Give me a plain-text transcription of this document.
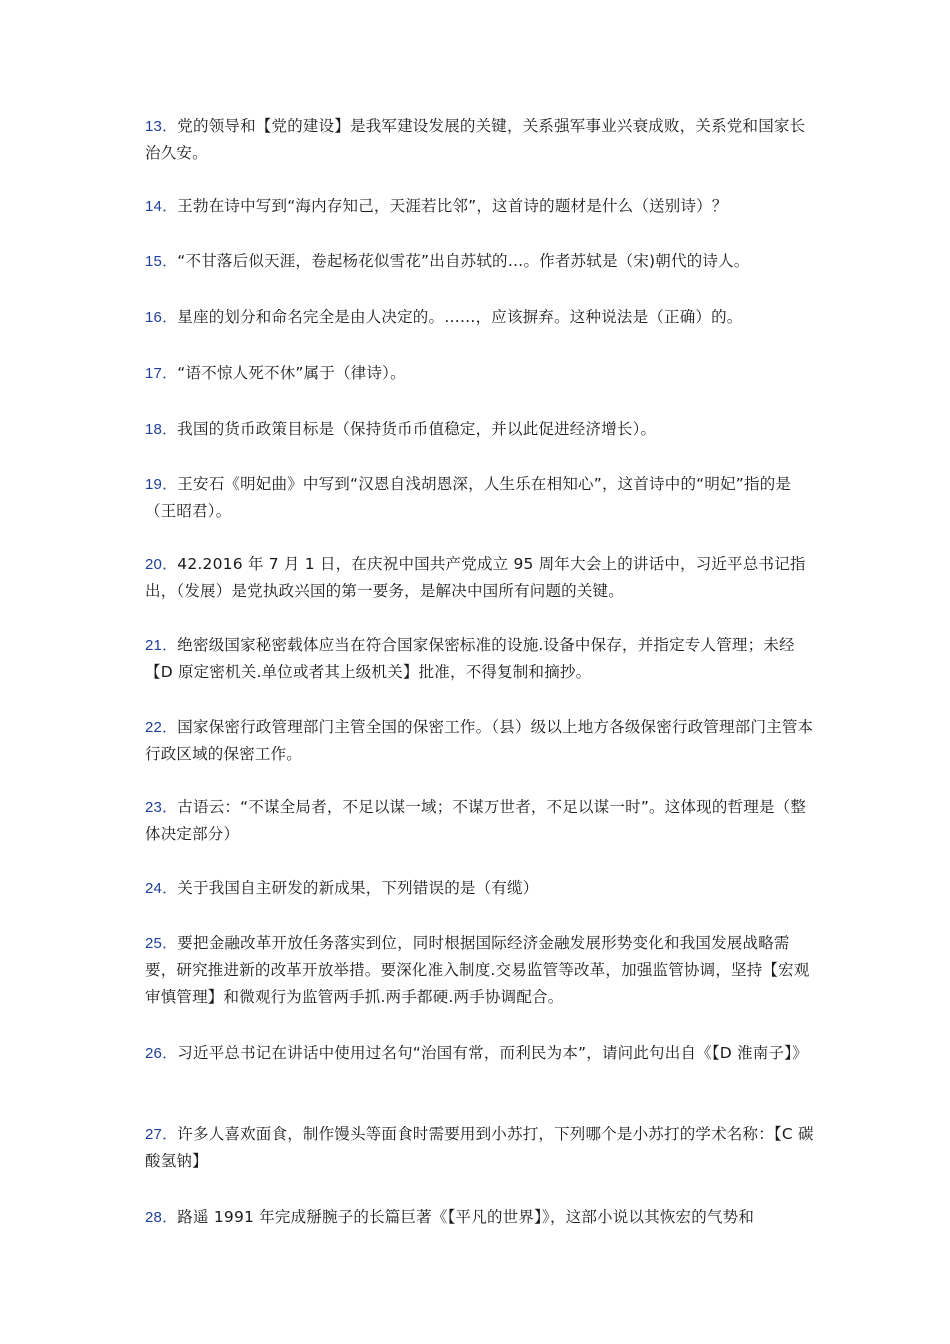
13．党的领导和【党的建设】是我军建设发展的关键，关系强军事业兴衰成败，关系党和国家长治久安。

14．王勃在诗中写到“海内存知己，天涯若比邻”，这首诗的题材是什么（送别诗）？

15．“不甘落后似天涯，卷起杨花似雪花”出自苏轼的…。作者苏轼是（宋)朝代的诗人。

16．星座的划分和命名完全是由人决定的。……，应该摒弃。这种说法是（正确）的。

17．“语不惊人死不休”属于（律诗）。

18．我国的货币政策目标是（保持货币币值稳定，并以此促进经济增长）。

19．王安石《明妃曲》中写到“汉恩自浅胡恩深，人生乐在相知心”，这首诗中的“明妃”指的是（王昭君）。

20．42.2016 年 7 月 1 日，在庆祝中国共产党成立 95 周年大会上的讲话中，习近平总书记指出，（发展）是党执政兴国的第一要务，是解决中国所有问题的关键。

21．绝密级国家秘密载体应当在符合国家保密标准的设施.设备中保存，并指定专人管理；未经【D 原定密机关.单位或者其上级机关】批准，不得复制和摘抄。

22．国家保密行政管理部门主管全国的保密工作。（县）级以上地方各级保密行政管理部门主管本行政区域的保密工作。

23．古语云：“不谋全局者，不足以谋一域；不谋万世者，不足以谋一时”。这体现的哲理是（整体决定部分）

24．关于我国自主研发的新成果，下列错误的是（有缆）

25．要把金融改革开放任务落实到位，同时根据国际经济金融发展形势变化和我国发展战略需要，研究推进新的改革开放举措。要深化准入制度.交易监管等改革，加强监管协调，坚持【宏观审慎管理】和微观行为监管两手抓.两手都硬.两手协调配合。

26．习近平总书记在讲话中使用过名句“治国有常，而利民为本”，请问此句出自《【D 淮南子】》

27．许多人喜欢面食，制作馒头等面食时需要用到小苏打，下列哪个是小苏打的学术名称：【C 碳酸氢钠】

28．路遥 1991 年完成掰腕子的长篇巨著《【平凡的世界】》，这部小说以其恢宏的气势和
